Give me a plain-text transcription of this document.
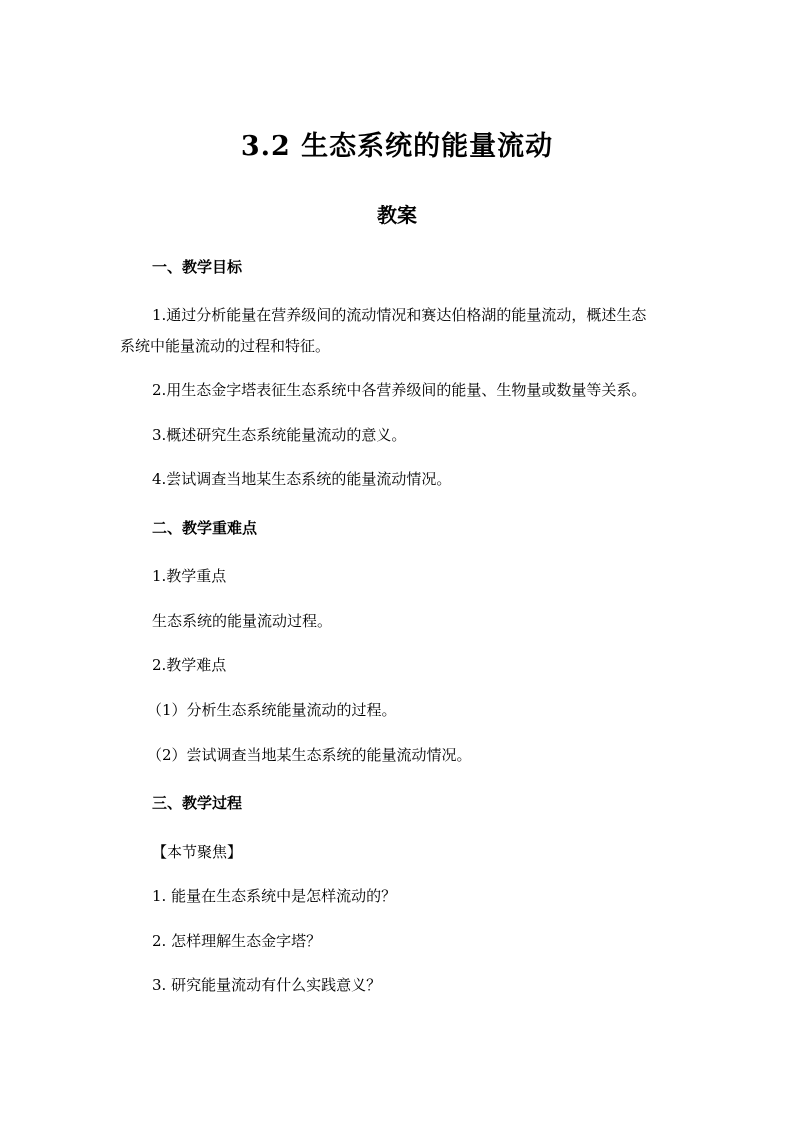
3.2 生态系统的能量流动
教案
一、教学目标
1.通过分析能量在营养级间的流动情况和赛达伯格湖的能量流动，概述生态
系统中能量流动的过程和特征。
2.用生态金字塔表征生态系统中各营养级间的能量、生物量或数量等关系。
3.概述研究生态系统能量流动的意义。
4.尝试调查当地某生态系统的能量流动情况。
二、教学重难点
1.教学重点
生态系统的能量流动过程。
2.教学难点
（1）分析生态系统能量流动的过程。
（2）尝试调查当地某生态系统的能量流动情况。
三、教学过程
【本节聚焦】
1. 能量在生态系统中是怎样流动的？
2. 怎样理解生态金字塔？
3. 研究能量流动有什么实践意义？
